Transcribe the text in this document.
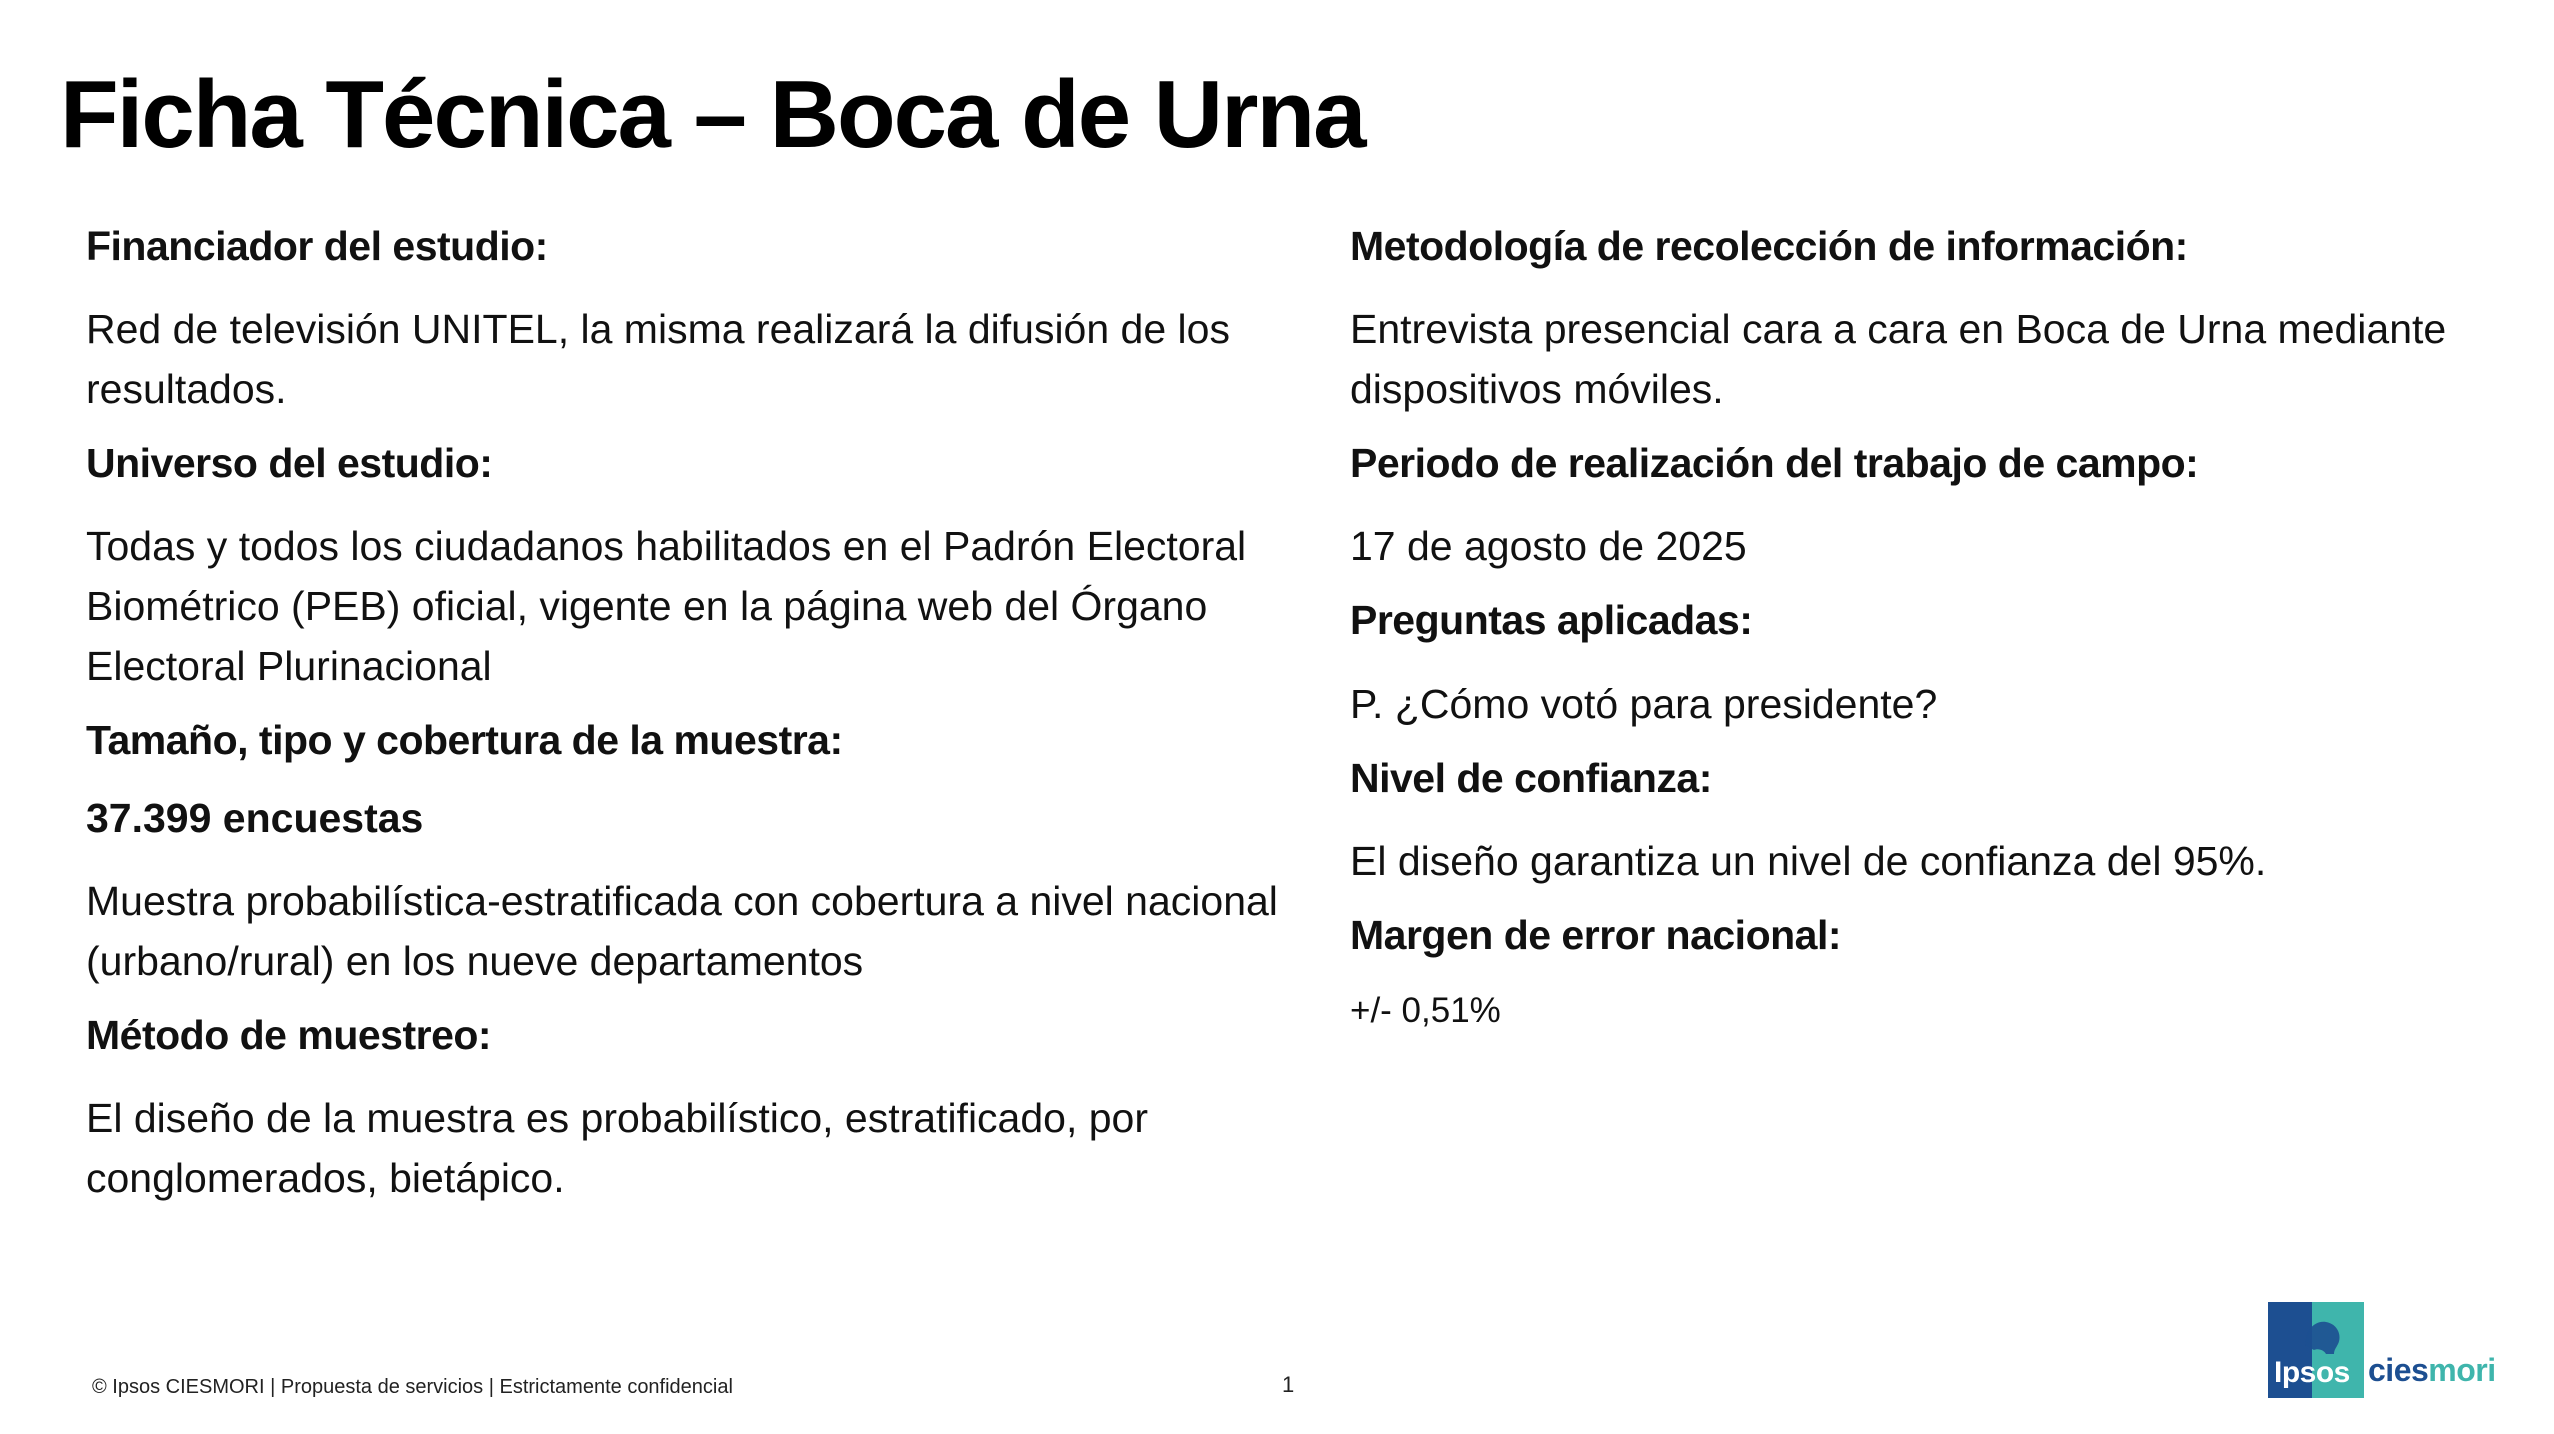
Ficha Técnica – Boca de Urna

Financiador del estudio:

Red de televisión UNITEL, la misma realizará la difusión de los resultados.

Universo del estudio:

Todas y todos los ciudadanos habilitados en el Padrón Electoral Biométrico (PEB) oficial, vigente en la página web del Órgano Electoral Plurinacional

Tamaño, tipo y cobertura de la muestra:

37.399 encuestas

Muestra probabilística-estratificada con cobertura a nivel nacional (urbano/rural) en los nueve departamentos

Método de muestreo:

El diseño de la muestra es probabilístico, estratificado, por conglomerados, bietápico.

Metodología de recolección de información:

Entrevista presencial cara a cara en Boca de Urna mediante dispositivos móviles.

Periodo de realización del trabajo de campo:

17 de agosto de 2025

Preguntas aplicadas:

P. ¿Cómo votó para presidente?

Nivel de confianza:

El diseño garantiza un nivel de confianza del 95%.

Margen de error nacional:

+/- 0,51%

© Ipsos CIESMORI | Propuesta de servicios | Estrictamente confidencial	1	Ipsos ciesmori
